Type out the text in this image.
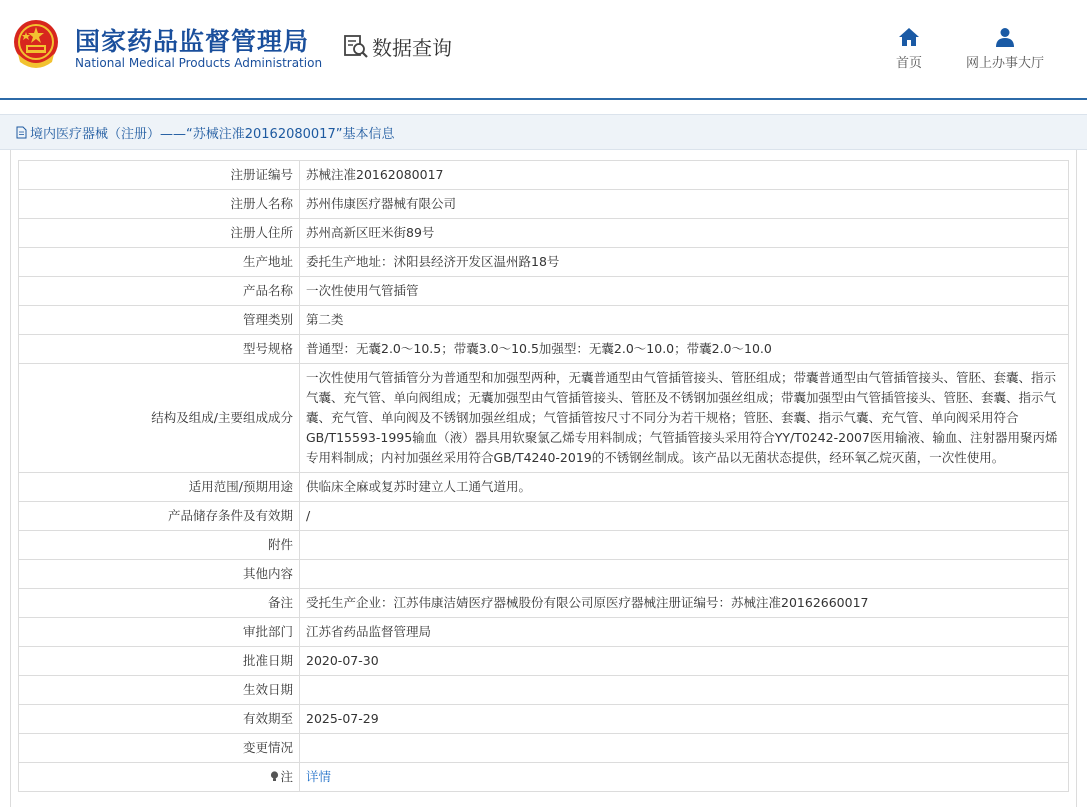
国家药品监督管理局
National Medical Products Administration
数据查询
首页	网上办事大厅
境内医疗器械（注册）——“苏械注准20162080017”基本信息
注册证编号	苏械注准20162080017
注册人名称	苏州伟康医疗器械有限公司
注册人住所	苏州高新区旺米街89号
生产地址	委托生产地址：沭阳县经济开发区温州路18号
产品名称	一次性使用气管插管
管理类别	第二类
型号规格	普通型：无囊2.0～10.5；带囊3.0～10.5加强型：无囊2.0～10.0；带囊2.0～10.0
结构及组成/主要组成成分	一次性使用气管插管分为普通型和加强型两种，无囊普通型由气管插管接头、管胚组成；带囊普通型由气管插管接头、管胚、套囊、指示气囊、充气管、单向阀组成；无囊加强型由气管插管接头、管胚及不锈钢加强丝组成；带囊加强型由气管插管接头、管胚、套囊、指示气囊、充气管、单向阀及不锈钢加强丝组成；气管插管按尺寸不同分为若干规格；管胚、套囊、指示气囊、充气管、单向阀采用符合GB/T15593-1995输血（液）器具用软聚氯乙烯专用料制成；气管插管接头采用符合YY/T0242-2007医用输液、输血、注射器用聚丙烯专用料制成；内衬加强丝采用符合GB/T4240-2019的不锈钢丝制成。该产品以无菌状态提供，经环氧乙烷灭菌，一次性使用。
适用范围/预期用途	供临床全麻或复苏时建立人工通气道用。
产品储存条件及有效期	/
附件	
其他内容	
备注	受托生产企业：江苏伟康洁婧医疗器械股份有限公司原医疗器械注册证编号：苏械注准20162660017
审批部门	江苏省药品监督管理局
批准日期	2020-07-30
生效日期	
有效期至	2025-07-29
变更情况	
注	详情
